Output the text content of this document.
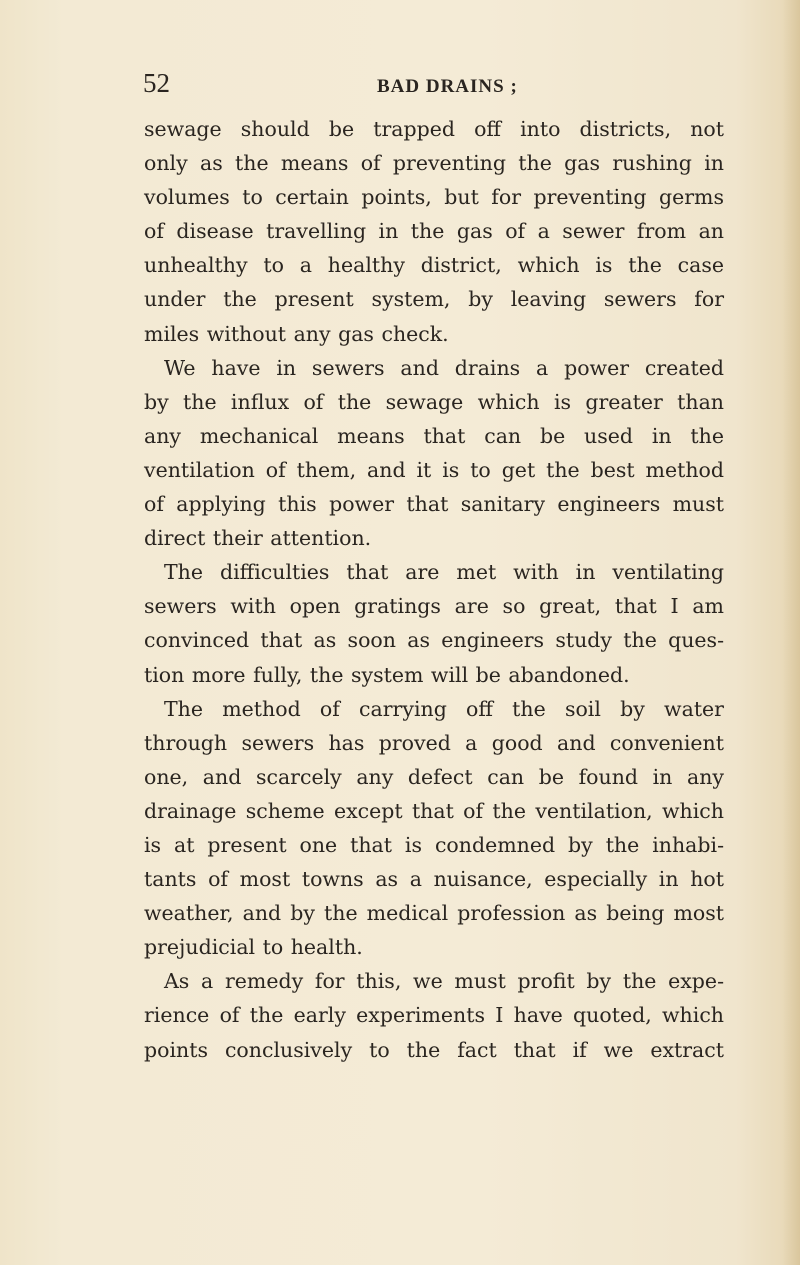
52	BAD DRAINS ;
sewage should be trapped off into districts, not
only as the means of preventing the gas rushing in
volumes to certain points, but for preventing germs
of disease travelling in the gas of a sewer from an
unhealthy to a healthy district, which is the case
under the present system, by leaving sewers for
miles without any gas check.
We have in sewers and drains a power created
by the influx of the sewage which is greater than
any mechanical means that can be used in the
ventilation of them, and it is to get the best method
of applying this power that sanitary engineers must
direct their attention.
The difficulties that are met with in ventilating
sewers with open gratings are so great, that I am
convinced that as soon as engineers study the ques-
tion more fully, the system will be abandoned.
The method of carrying off the soil by water
through sewers has proved a good and convenient
one, and scarcely any defect can be found in any
drainage scheme except that of the ventilation, which
is at present one that is condemned by the inhabi-
tants of most towns as a nuisance, especially in hot
weather, and by the medical profession as being most
prejudicial to health.
As a remedy for this, we must profit by the expe-
rience of the early experiments I have quoted, which
points conclusively to the fact that if we extract
